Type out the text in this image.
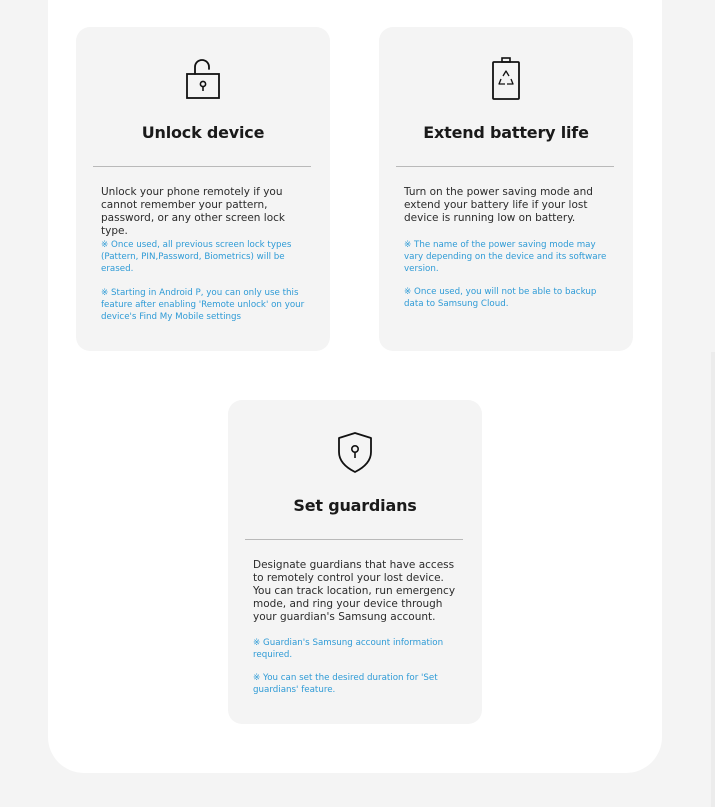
Unlock device
Unlock your phone remotely if you cannot remember your pattern, password, or any other screen lock type.
※ Once used, all previous screen lock types (Pattern, PIN,Password, Biometrics) will be erased.
※ Starting in Android P, you can only use this feature after enabling 'Remote unlock' on your device's Find My Mobile settings
Extend battery life
Turn on the power saving mode and extend your battery life if your lost device is running low on battery.
※ The name of the power saving mode may vary depending on the device and its software version.
※ Once used, you will not be able to backup data to Samsung Cloud.
Set guardians
Designate guardians that have access to remotely control your lost device.
You can track location, run emergency mode, and ring your device through your guardian's Samsung account.
※ Guardian's Samsung account information required.
※ You can set the desired duration for 'Set guardians' feature.
